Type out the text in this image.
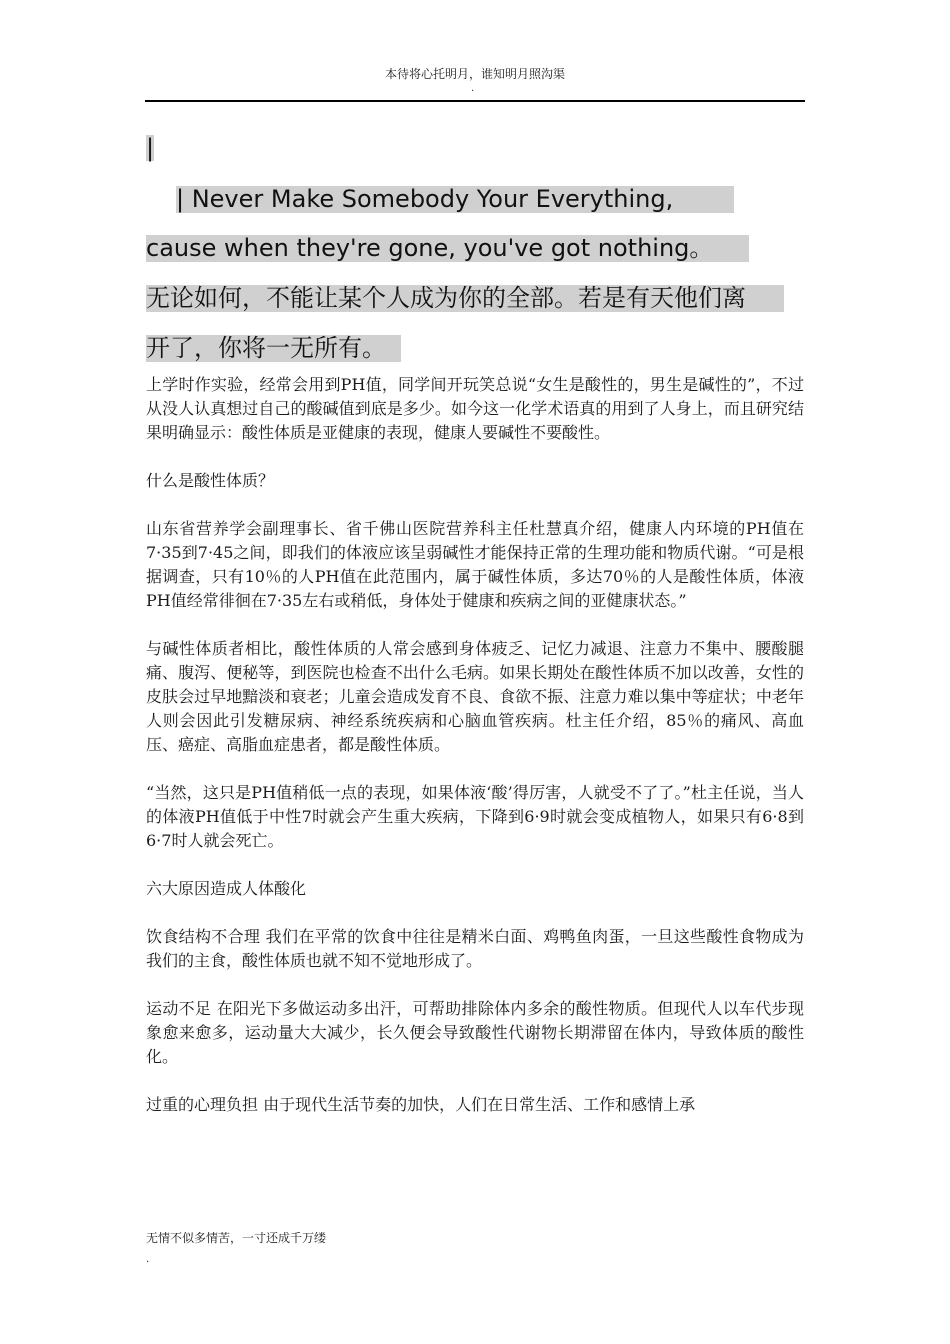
本待将心托明月，谁知明月照沟渠
.
|
| Never Make Somebody Your Everything,
cause when they're gone, you've got nothing。
无论如何，不能让某个人成为你的全部。若是有天他们离
开了，你将一无所有。

上学时作实验，经常会用到PH值，同学间开玩笑总说“女生是酸性的，男生是碱性的”，不过从没人认真想过自己的酸碱值到底是多少。如今这一化学术语真的用到了人身上，而且研究结果明确显示：酸性体质是亚健康的表现，健康人要碱性不要酸性。

什么是酸性体质？

山东省营养学会副理事长、省千佛山医院营养科主任杜慧真介绍，健康人内环境的PH值在7·35到7·45之间，即我们的体液应该呈弱碱性才能保持正常的生理功能和物质代谢。“可是根据调查，只有10％的人PH值在此范围内，属于碱性体质，多达70％的人是酸性体质，体液PH值经常徘徊在7·35左右或稍低，身体处于健康和疾病之间的亚健康状态。”

与碱性体质者相比，酸性体质的人常会感到身体疲乏、记忆力减退、注意力不集中、腰酸腿痛、腹泻、便秘等，到医院也检查不出什么毛病。如果长期处在酸性体质不加以改善，女性的皮肤会过早地黯淡和衰老；儿童会造成发育不良、食欲不振、注意力难以集中等症状；中老年人则会因此引发糖尿病、神经系统疾病和心脑血管疾病。杜主任介绍，85％的痛风、高血压、癌症、高脂血症患者，都是酸性体质。

“当然，这只是PH值稍低一点的表现，如果体液‘酸’得厉害，人就受不了了。”杜主任说，当人的体液PH值低于中性7时就会产生重大疾病，下降到6·9时就会变成植物人，如果只有6·8到6·7时人就会死亡。

六大原因造成人体酸化

饮食结构不合理 我们在平常的饮食中往往是精米白面、鸡鸭鱼肉蛋，一旦这些酸性食物成为我们的主食，酸性体质也就不知不觉地形成了。

运动不足 在阳光下多做运动多出汗，可帮助排除体内多余的酸性物质。但现代人以车代步现象愈来愈多，运动量大大减少，长久便会导致酸性代谢物长期滞留在体内，导致体质的酸性化。

过重的心理负担 由于现代生活节奏的加快，人们在日常生活、工作和感情上承

无情不似多情苦，一寸还成千万缕
.
